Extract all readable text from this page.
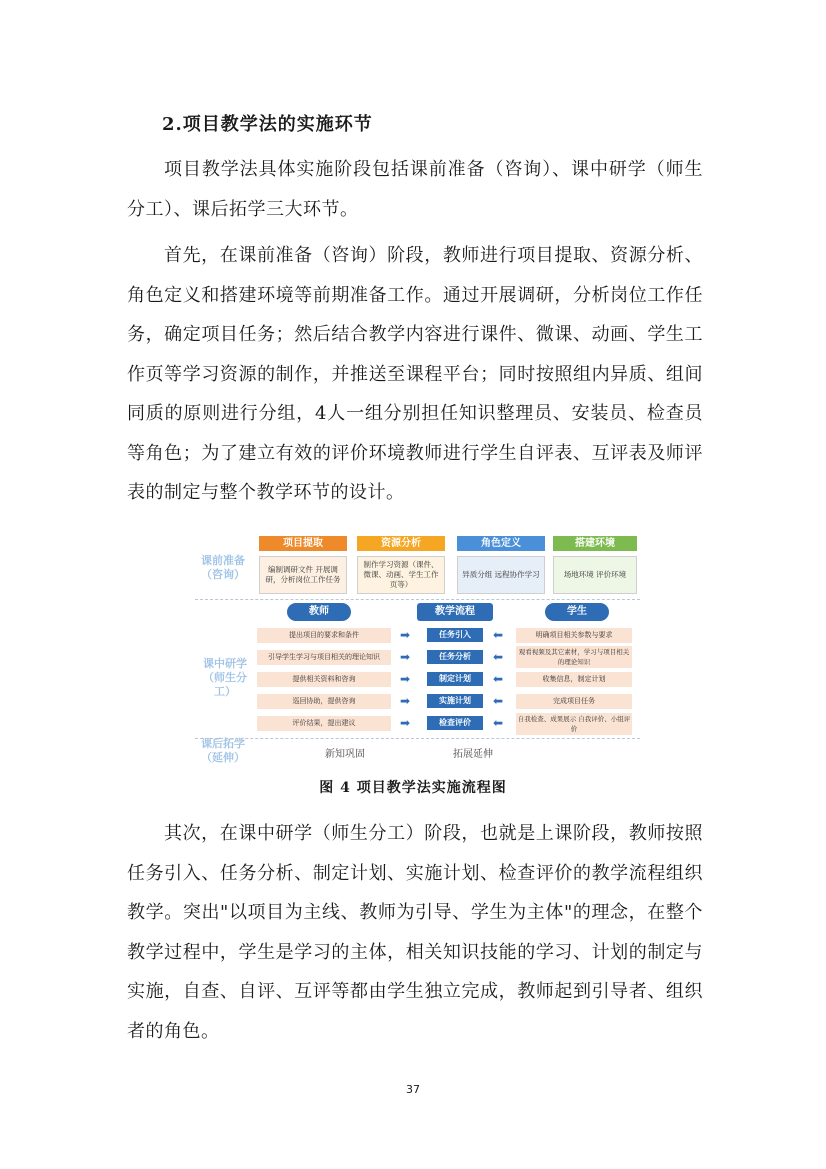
2.项目教学法的实施环节
项目教学法具体实施阶段包括课前准备（咨询）、课中研学（师生分工）、课后拓学三大环节。
首先，在课前准备（咨询）阶段，教师进行项目提取、资源分析、角色定义和搭建环境等前期准备工作。通过开展调研，分析岗位工作任务，确定项目任务；然后结合教学内容进行课件、微课、动画、学生工作页等学习资源的制作，并推送至课程平台；同时按照组内异质、组间同质的原则进行分组，4人一组分别担任知识整理员、安装员、检查员等角色；为了建立有效的评价环境教师进行学生自评表、互评表及师评表的制定与整个教学环节的设计。
课前准备
（咨询）
课中研学
（师生分工）
课后拓学
（延伸）
项目提取
编制调研文件 开展调研，分析岗位工作任务
资源分析
制作学习资源（课件、微课、动画、学生工作页等）
角色定义
异质分组 远程协作学习
搭建环境
场地环境 评价环境
教师	教学流程	学生
提出项目的要求和条件	➡	任务引入	⬅	明确项目相关参数与要求
引导学生学习与项目相关的理论知识	➡	任务分析	⬅	观看视频及其它素材，学习与项目相关的理论知识
提供相关资料和咨询	➡	制定计划	⬅	收集信息，制定计划
巡回协助，提供咨询	➡	实施计划	⬅	完成项目任务
评价结果，提出建议	➡	检查评价	⬅ 自我检查、成果展示 自我评价、小组评价
新知巩固	拓展延伸
图 4 项目教学法实施流程图
其次，在课中研学（师生分工）阶段，也就是上课阶段，教师按照任务引入、任务分析、制定计划、实施计划、检查评价的教学流程组织教学。突出"以项目为主线、教师为引导、学生为主体"的理念，在整个教学过程中，学生是学习的主体，相关知识技能的学习、计划的制定与实施，自查、自评、互评等都由学生独立完成，教师起到引导者、组织者的角色。
37
